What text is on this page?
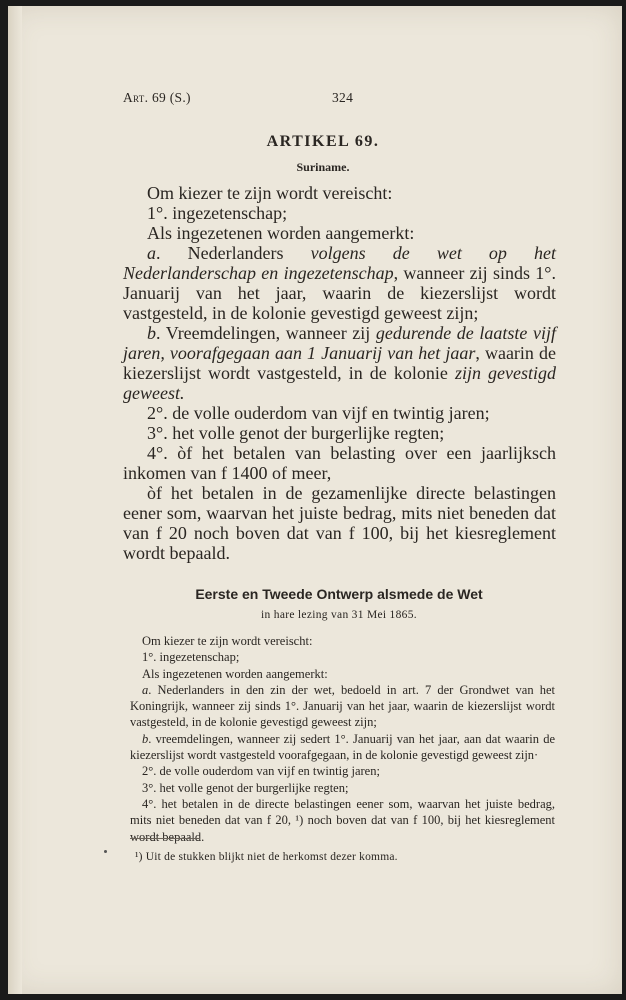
Art. 69 (S.)	324
ARTIKEL 69.
Suriname.

Om kiezer te zijn wordt vereischt:

1°. ingezetenschap;

Als ingezetenen worden aangemerkt:

a. Nederlanders volgens de wet op het Nederlanderschap en ingezetenschap, wanneer zij sinds 1°. Januarij van het jaar, waarin de kiezerslijst wordt vastgesteld, in de kolonie gevestigd geweest zijn;

b. Vreemdelingen, wanneer zij gedurende de laatste vijf jaren, voorafgegaan aan 1 Januarij van het jaar, waarin de kiezerslijst wordt vastgesteld, in de kolonie zijn gevestigd geweest.

2°. de volle ouderdom van vijf en twintig jaren;

3°. het volle genot der burgerlijke regten;

4°. òf het betalen van belasting over een jaarlijksch inkomen van f 1400 of meer,

òf het betalen in de gezamenlijke directe belastingen eener som, waarvan het juiste bedrag, mits niet beneden dat van f 20 noch boven dat van f 100, bij het kiesreglement wordt bepaald.

Eerste en Tweede Ontwerp alsmede de Wet
in hare lezing van 31 Mei 1865.

Om kiezer te zijn wordt vereischt:

1°. ingezetenschap;

Als ingezetenen worden aangemerkt:

a. Nederlanders in den zin der wet, bedoeld in art. 7 der Grondwet van het Koningrijk, wanneer zij sinds 1°. Januarij van het jaar, waarin de kiezerslijst wordt vastgesteld, in de kolonie gevestigd geweest zijn;

b. vreemdelingen, wanneer zij sedert 1°. Januarij van het jaar, aan dat waarin de kiezerslijst wordt vastgesteld voorafgegaan, in de kolonie gevestigd geweest zijn·

2°. de volle ouderdom van vijf en twintig jaren;

3°. het volle genot der burgerlijke regten;

4°. het betalen in de directe belastingen eener som, waarvan het juiste bedrag, mits niet beneden dat van f 20, ¹) noch boven dat van f 100, bij het kiesreglement wordt bepaald.

¹) Uit de stukken blijkt niet de herkomst dezer komma.
